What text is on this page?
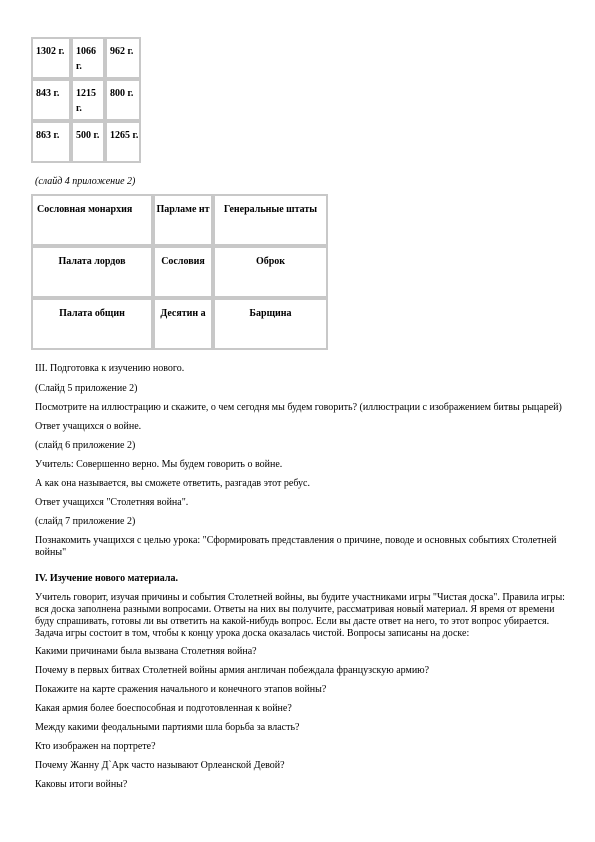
1302 г.	1066 г.	962 г.
843 г.	1215 г.	800 г.
863 г.	500 г.	1265 г.
(слайд 4 приложение 2)
Сословная монархия	Парламе нт	Генеральные штаты
Палата лордов	Сословия	Оброк
Палата общин	Десятин а	Барщина

III. Подготовка к изучению нового.

(Слайд 5 приложение 2)

Посмотрите на иллюстрацию и скажите, о чем сегодня мы будем говорить? (иллюстрации с изображением битвы рыцарей)

Ответ учащихся о войне.

(слайд 6 приложение 2)

Учитель: Совершенно верно. Мы будем говорить о войне.

А как она называется, вы сможете ответить, разгадав этот ребус.

Ответ учащихся "Столетняя война".

(слайд 7 приложение 2)

Познакомить учащихся с целью урока: "Сформировать представления о причине, поводе и основных событиях Столетней войны"

IV. Изучение нового материала.

Учитель говорит, изучая причины и события Столетней войны, вы будите участниками игры "Чистая доска". Правила игры: вся доска заполнена разными вопросами. Ответы на них вы получите, рассматривая новый материал. Я время от времени буду спрашивать, готовы ли вы ответить на какой-нибудь вопрос. Если вы дасте ответ на него, то этот вопрос убирается. Задача игры состоит в том, чтобы к концу урока доска оказалась чистой. Вопросы записаны на доске:

Какими причинами была вызвана Столетняя война?

Почему в первых битвах Столетней войны армия англичан побеждала французскую армию?

Покажите на карте сражения начального и конечного этапов войны?

Какая армия более боеспособная и подготовленная к войне?

Между какими феодальными партиями шла борьба за власть?

Кто изображен на портрете?

Почему Жанну Д`Арк часто называют Орлеанской Девой?

Каковы итоги войны?
